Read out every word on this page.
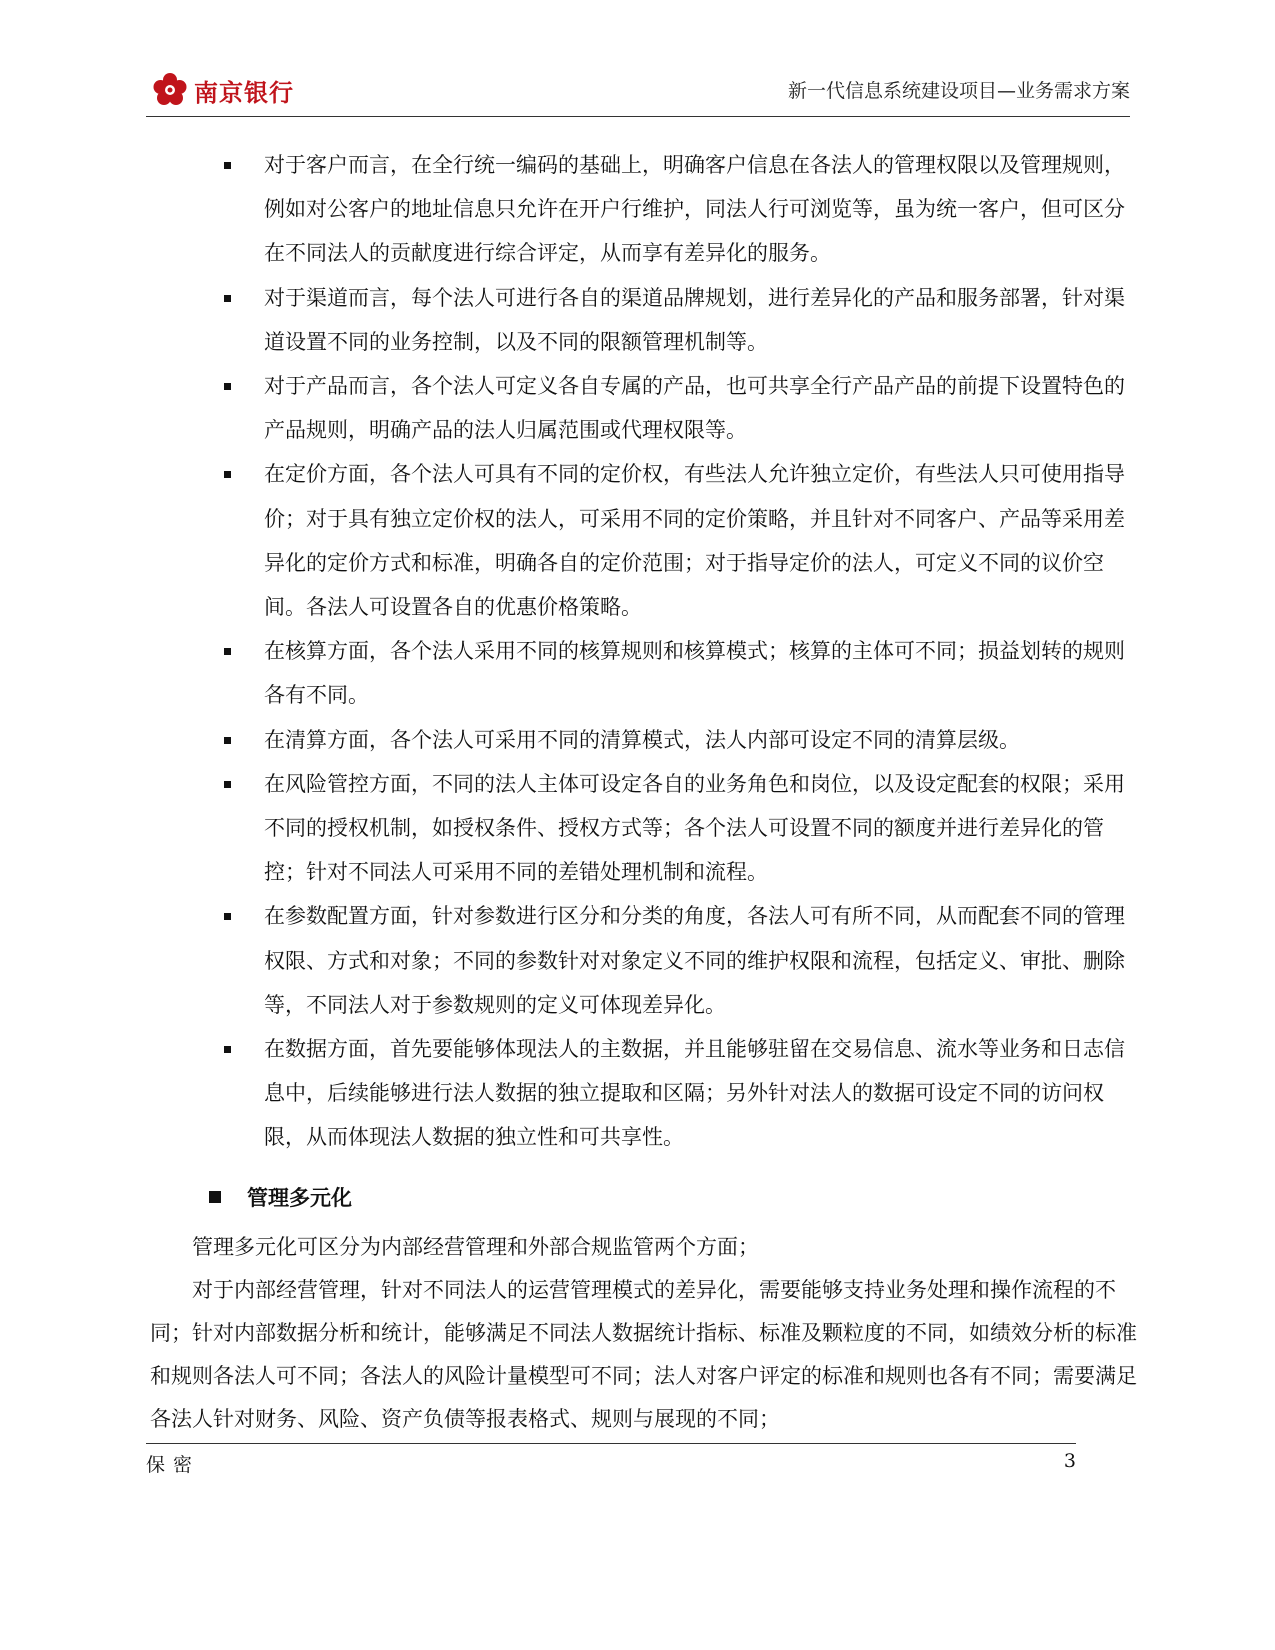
南京银行	新一代信息系统建设项目—业务需求方案
对于客户而言，在全行统一编码的基础上，明确客户信息在各法人的管理权限以及管理规则，例如对公客户的地址信息只允许在开户行维护，同法人行可浏览等，虽为统一客户，但可区分在不同法人的贡献度进行综合评定，从而享有差异化的服务。
对于渠道而言，每个法人可进行各自的渠道品牌规划，进行差异化的产品和服务部署，针对渠道设置不同的业务控制，以及不同的限额管理机制等。
对于产品而言，各个法人可定义各自专属的产品，也可共享全行产品产品的前提下设置特色的产品规则，明确产品的法人归属范围或代理权限等。
在定价方面，各个法人可具有不同的定价权，有些法人允许独立定价，有些法人只可使用指导价；对于具有独立定价权的法人，可采用不同的定价策略，并且针对不同客户、产品等采用差异化的定价方式和标准，明确各自的定价范围；对于指导定价的法人，可定义不同的议价空间。各法人可设置各自的优惠价格策略。
在核算方面，各个法人采用不同的核算规则和核算模式；核算的主体可不同；损益划转的规则各有不同。
在清算方面，各个法人可采用不同的清算模式，法人内部可设定不同的清算层级。
在风险管控方面，不同的法人主体可设定各自的业务角色和岗位，以及设定配套的权限；采用不同的授权机制，如授权条件、授权方式等；各个法人可设置不同的额度并进行差异化的管控；针对不同法人可采用不同的差错处理机制和流程。
在参数配置方面，针对参数进行区分和分类的角度，各法人可有所不同，从而配套不同的管理权限、方式和对象；不同的参数针对对象定义不同的维护权限和流程，包括定义、审批、删除等，不同法人对于参数规则的定义可体现差异化。
在数据方面，首先要能够体现法人的主数据，并且能够驻留在交易信息、流水等业务和日志信息中，后续能够进行法人数据的独立提取和区隔；另外针对法人的数据可设定不同的访问权限，从而体现法人数据的独立性和可共享性。
管理多元化

管理多元化可区分为内部经营管理和外部合规监管两个方面；

对于内部经营管理，针对不同法人的运营管理模式的差异化，需要能够支持业务处理和操作流程的不同；针对内部数据分析和统计，能够满足不同法人数据统计指标、标准及颗粒度的不同，如绩效分析的标准和规则各法人可不同；各法人的风险计量模型可不同；法人对客户评定的标准和规则也各有不同；需要满足各法人针对财务、风险、资产负债等报表格式、规则与展现的不同；

保密	3
